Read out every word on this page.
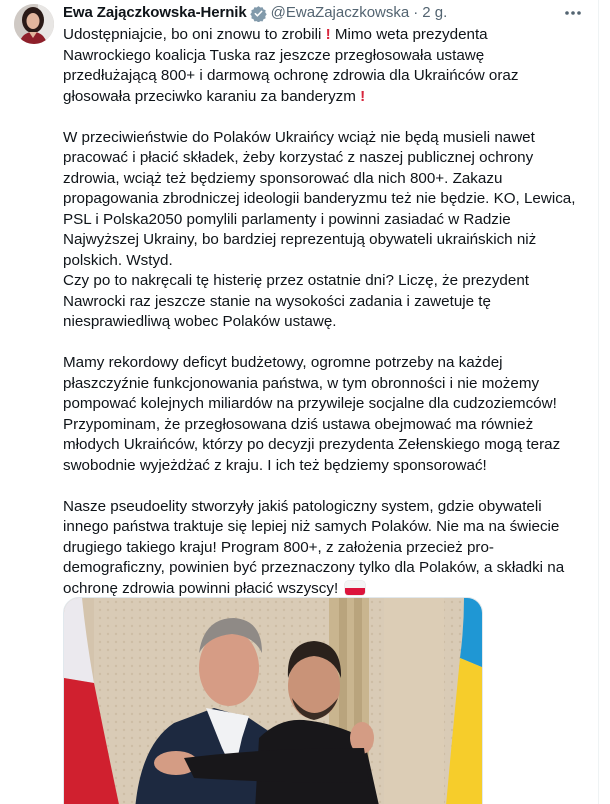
Ewa Zajączkowska-Hernik @EwaZajaczkowska · 2 g.
Udostępniajcie, bo oni znowu to zrobili ! Mimo weta prezydenta
Nawrockiego koalicja Tuska raz jeszcze przegłosowała ustawę
przedłużającą 800+ i darmową ochronę zdrowia dla Ukraińców oraz
głosowała przeciwko karaniu za banderyzm !
W przeciwieństwie do Polaków Ukraińcy wciąż nie będą musieli nawet
pracować i płacić składek, żeby korzystać z naszej publicznej ochrony
zdrowia, wciąż też będziemy sponsorować dla nich 800+. Zakazu
propagowania zbrodniczej ideologii banderyzmu też nie będzie. KO, Lewica,
PSL i Polska2050 pomylili parlamenty i powinni zasiadać w Radzie
Najwyższej Ukrainy, bo bardziej reprezentują obywateli ukraińskich niż
polskich. Wstyd.
Czy po to nakręcali tę histerię przez ostatnie dni? Liczę, że prezydent
Nawrocki raz jeszcze stanie na wysokości zadania i zawetuje tę
niesprawiedliwą wobec Polaków ustawę.
Mamy rekordowy deficyt budżetowy, ogromne potrzeby na każdej
płaszczyźnie funkcjonowania państwa, w tym obronności i nie możemy
pompować kolejnych miliardów na przywileje socjalne dla cudzoziemców!
Przypominam, że przegłosowana dziś ustawa obejmować ma również
młodych Ukraińców, którzy po decyzji prezydenta Zełenskiego mogą teraz
swobodnie wyjeżdżać z kraju. I ich też będziemy sponsorować!
Nasze pseudoelity stworzyły jakiś patologiczny system, gdzie obywateli
innego państwa traktuje się lepiej niż samych Polaków. Nie ma na świecie
drugiego takiego kraju! Program 800+, z założenia przecież pro-
demograficzny, powinien być przeznaczony tylko dla Polaków, a składki na
ochronę zdrowia powinni płacić wszyscy!
